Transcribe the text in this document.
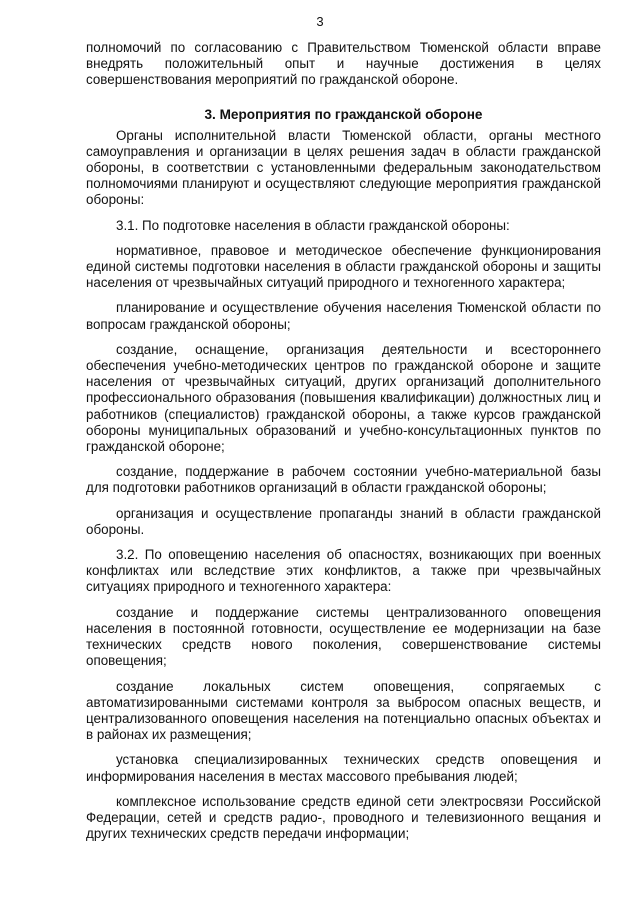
3

полномочий по согласованию с Правительством Тюменской области вправе внедрять положительный опыт и научные достижения в целях совершенствования мероприятий по гражданской обороне.

3. Мероприятия по гражданской обороне

Органы исполнительной власти Тюменской области, органы местного самоуправления и организации в целях решения задач в области гражданской обороны, в соответствии с установленными федеральным законодательством полномочиями планируют и осуществляют следующие мероприятия гражданской обороны:

3.1. По подготовке населения в области гражданской обороны:

нормативное, правовое и методическое обеспечение функционирования единой системы подготовки населения в области гражданской обороны и защиты населения от чрезвычайных ситуаций природного и техногенного характера;

планирование и осуществление обучения населения Тюменской области по вопросам гражданской обороны;

создание, оснащение, организация деятельности и всестороннего обеспечения учебно-методических центров по гражданской обороне и защите населения от чрезвычайных ситуаций, других организаций дополнительного профессионального образования (повышения квалификации) должностных лиц и работников (специалистов) гражданской обороны, а также курсов гражданской обороны муниципальных образований и учебно-консультационных пунктов по гражданской обороне;

создание, поддержание в рабочем состоянии учебно-материальной базы для подготовки работников организаций в области гражданской обороны;

организация и осуществление пропаганды знаний в области гражданской обороны.

3.2. По оповещению населения об опасностях, возникающих при военных конфликтах или вследствие этих конфликтов, а также при чрезвычайных ситуациях природного и техногенного характера:

создание и поддержание системы централизованного оповещения населения в постоянной готовности, осуществление ее модернизации на базе технических средств нового поколения, совершенствование системы оповещения;

создание локальных систем оповещения, сопрягаемых с автоматизированными системами контроля за выбросом опасных веществ, и централизованного оповещения населения на потенциально опасных объектах и в районах их размещения;

установка специализированных технических средств оповещения и информирования населения в местах массового пребывания людей;

комплексное использование средств единой сети электросвязи Российской Федерации, сетей и средств радио-, проводного и телевизионного вещания и других технических средств передачи информации;
